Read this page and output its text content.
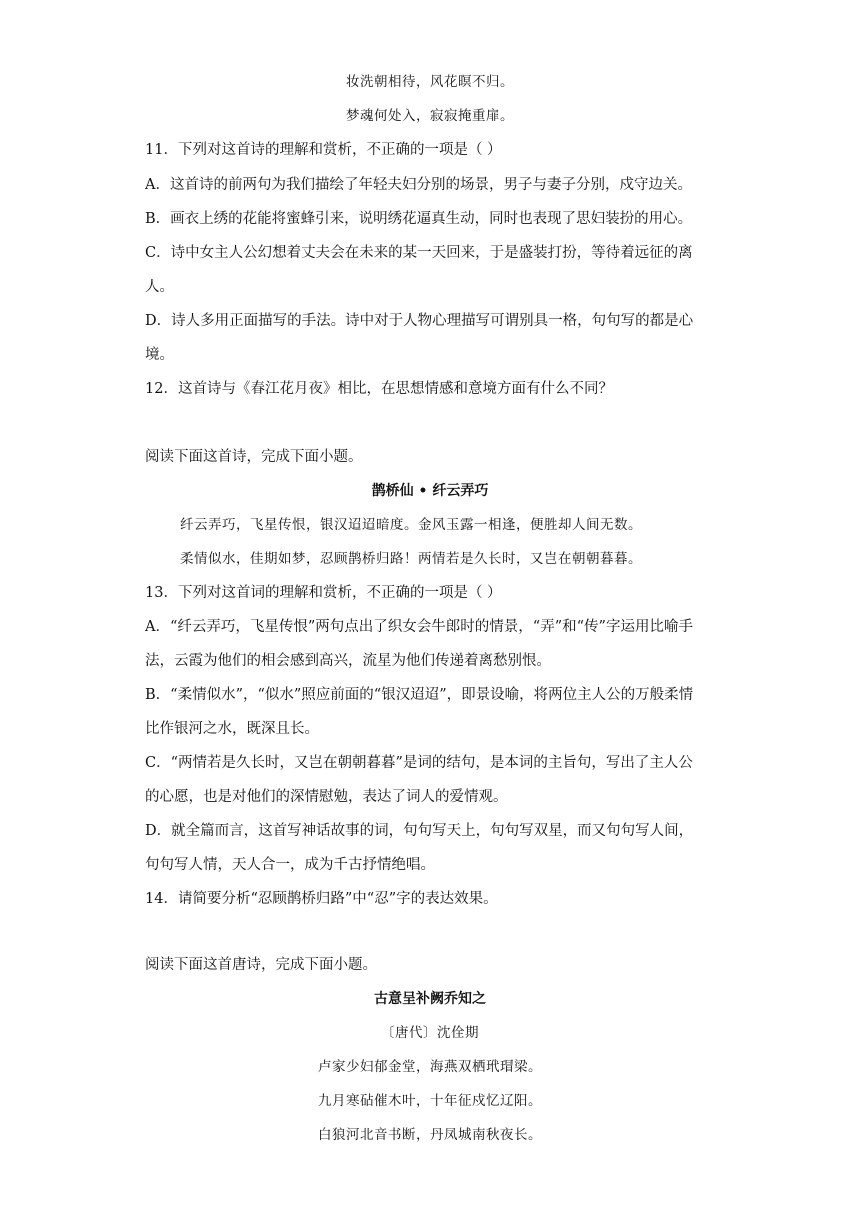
妆洗朝相待，风花暝不归。
梦魂何处入，寂寂掩重扉。
11．下列对这首诗的理解和赏析，不正确的一项是（ ）
A．这首诗的前两句为我们描绘了年轻夫妇分别的场景，男子与妻子分别，戍守边关。
B．画衣上绣的花能将蜜蜂引来，说明绣花逼真生动，同时也表现了思妇装扮的用心。
C．诗中女主人公幻想着丈夫会在未来的某一天回来，于是盛装打扮，等待着远征的离
人。
D．诗人多用正面描写的手法。诗中对于人物心理描写可谓别具一格，句句写的都是心
境。
12．这首诗与《春江花月夜》相比，在思想情感和意境方面有什么不同？
阅读下面这首诗，完成下面小题。
鹊桥仙 • 纤云弄巧
纤云弄巧，飞星传恨，银汉迢迢暗度。金风玉露一相逢，便胜却人间无数。
柔情似水，佳期如梦，忍顾鹊桥归路！两情若是久长时，又岂在朝朝暮暮。
13．下列对这首词的理解和赏析，不正确的一项是（ ）
A．“纤云弄巧，飞星传恨”两句点出了织女会牛郎时的情景，“弄”和“传”字运用比喻手
法，云霞为他们的相会感到高兴，流星为他们传递着离愁别恨。
B．“柔情似水”，“似水”照应前面的“银汉迢迢”，即景设喻，将两位主人公的万般柔情
比作银河之水，既深且长。
C．“两情若是久长时，又岂在朝朝暮暮”是词的结句，是本词的主旨句，写出了主人公
的心愿，也是对他们的深情慰勉，表达了词人的爱情观。
D．就全篇而言，这首写神话故事的词，句句写天上，句句写双星，而又句句写人间，
句句写人情，天人合一，成为千古抒情绝唱。
14．请简要分析“忍顾鹊桥归路”中“忍”字的表达效果。
阅读下面这首唐诗，完成下面小题。
古意呈补阙乔知之
〔唐代〕沈佺期
卢家少妇郁金堂，海燕双栖玳瑁梁。
九月寒砧催木叶，十年征戍忆辽阳。
白狼河北音书断，丹凤城南秋夜长。
